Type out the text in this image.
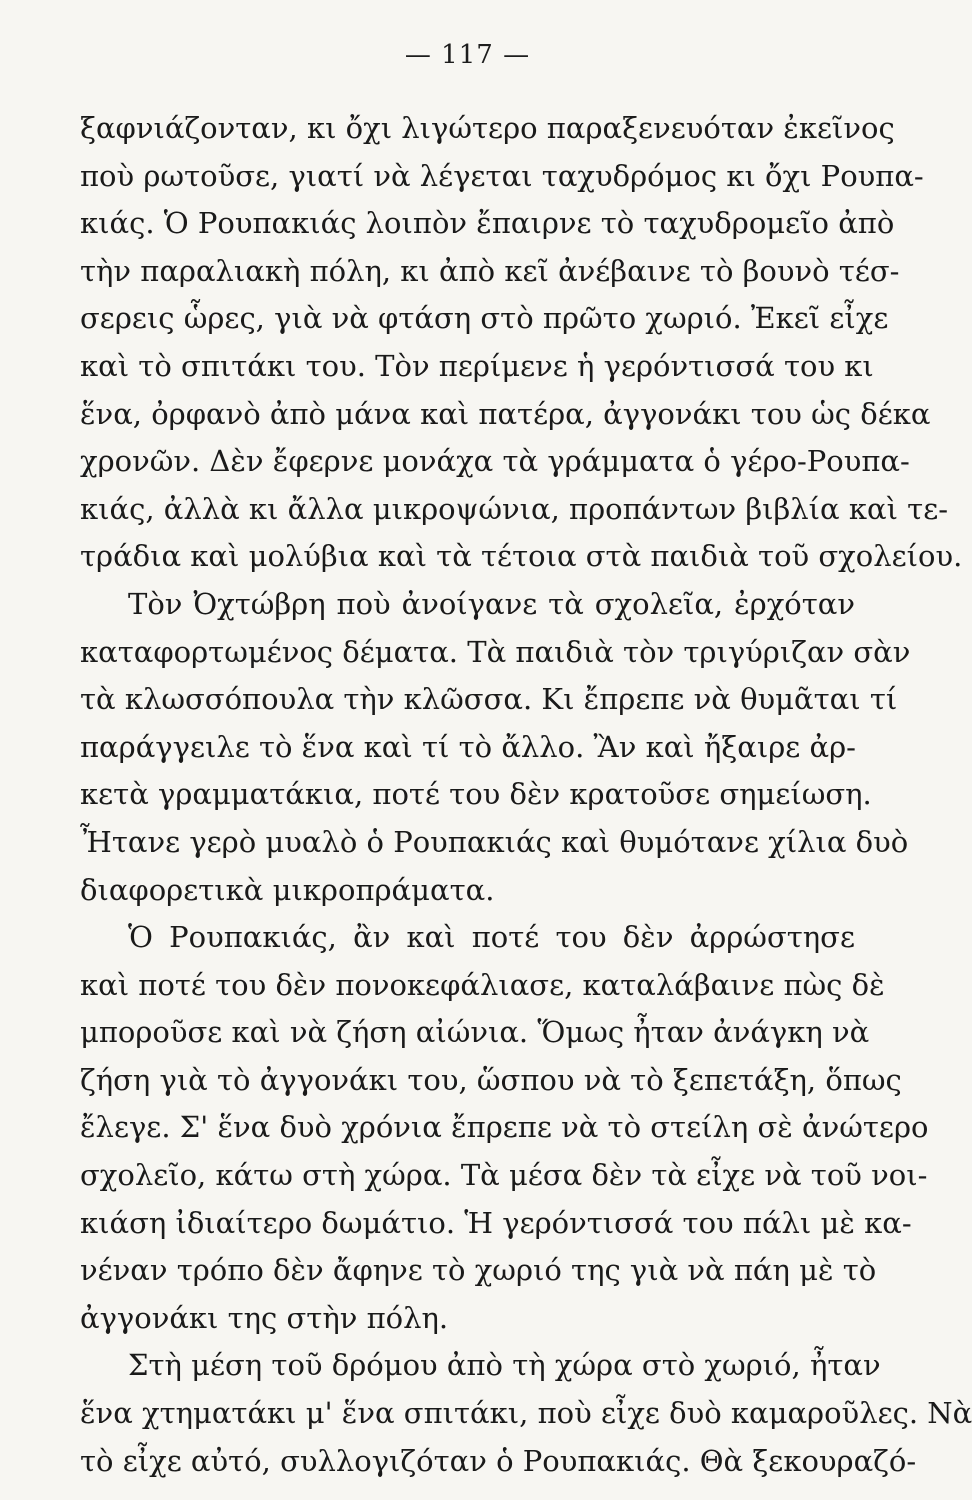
— 117 —
ξαφνιάζονταν, κι ὄχι λιγώτερο παραξενευόταν ἐκεῖνος
ποὺ ρωτοῦσε, γιατί νὰ λέγεται ταχυδρόμος κι ὄχι Ρουπα-
κιάς. Ὁ Ρουπακιάς λοιπὸν ἔπαιρνε τὸ ταχυδρομεῖο ἀπὸ
τὴν παραλιακὴ πόλη, κι ἀπὸ κεῖ ἀνέβαινε τὸ βουνὸ τέσ-
σερεις ὧρες, γιὰ νὰ φτάση στὸ πρῶτο χωριό. Ἐκεῖ εἶχε
καὶ τὸ σπιτάκι του. Τὸν περίμενε ἡ γερόντισσά του κι
ἕνα, ὀρφανὸ ἀπὸ μάνα καὶ πατέρα, ἀγγονάκι του ὡς δέκα
χρονῶν. Δὲν ἔφερνε μονάχα τὰ γράμματα ὁ γέρο-Ρουπα-
κιάς, ἀλλὰ κι ἄλλα μικροψώνια, προπάντων βιβλία καὶ τε-
τράδια καὶ μολύβια καὶ τὰ τέτοια στὰ παιδιὰ τοῦ σχολείου.
Τὸν Ὀχτώβρη ποὺ ἀνοίγανε τὰ σχολεῖα, ἐρχόταν
καταφορτωμένος δέματα. Τὰ παιδιὰ τὸν τριγύριζαν σὰν
τὰ κλωσσόπουλα τὴν κλῶσσα. Κι ἔπρεπε νὰ θυμᾶται τί
παράγγειλε τὸ ἕνα καὶ τί τὸ ἄλλο. Ἂν καὶ ἤξαιρε ἀρ-
κετὰ γραμματάκια, ποτέ του δὲν κρατοῦσε σημείωση.
Ἦτανε γερὸ μυαλὸ ὁ Ρουπακιάς καὶ θυμότανε χίλια δυὸ
διαφορετικὰ μικροπράματα.
Ὁ Ρουπακιάς, ἂν καὶ ποτέ του δὲν ἀρρώστησε
καὶ ποτέ του δὲν πονοκεφάλιασε, καταλάβαινε πὼς δὲ
μποροῦσε καὶ νὰ ζήση αἰώνια. Ὅμως ἦταν ἀνάγκη νὰ
ζήση γιὰ τὸ ἀγγονάκι του, ὥσπου νὰ τὸ ξεπετάξη, ὅπως
ἔλεγε. Σ' ἕνα δυὸ χρόνια ἔπρεπε νὰ τὸ στείλη σὲ ἀνώτερο
σχολεῖο, κάτω στὴ χώρα. Τὰ μέσα δὲν τὰ εἶχε νὰ τοῦ νοι-
κιάση ἰδιαίτερο δωμάτιο. Ἡ γερόντισσά του πάλι μὲ κα-
νέναν τρόπο δὲν ἄφηνε τὸ χωριό της γιὰ νὰ πάη μὲ τὸ
ἀγγονάκι της στὴν πόλη.
Στὴ μέση τοῦ δρόμου ἀπὸ τὴ χώρα στὸ χωριό, ἦταν
ἕνα χτηματάκι μ' ἕνα σπιτάκι, ποὺ εἶχε δυὸ καμαροῦλες. Νὰ
τὸ εἶχε αὐτό, συλλογιζόταν ὁ Ρουπακιάς. Θὰ ξεκουραζό-
